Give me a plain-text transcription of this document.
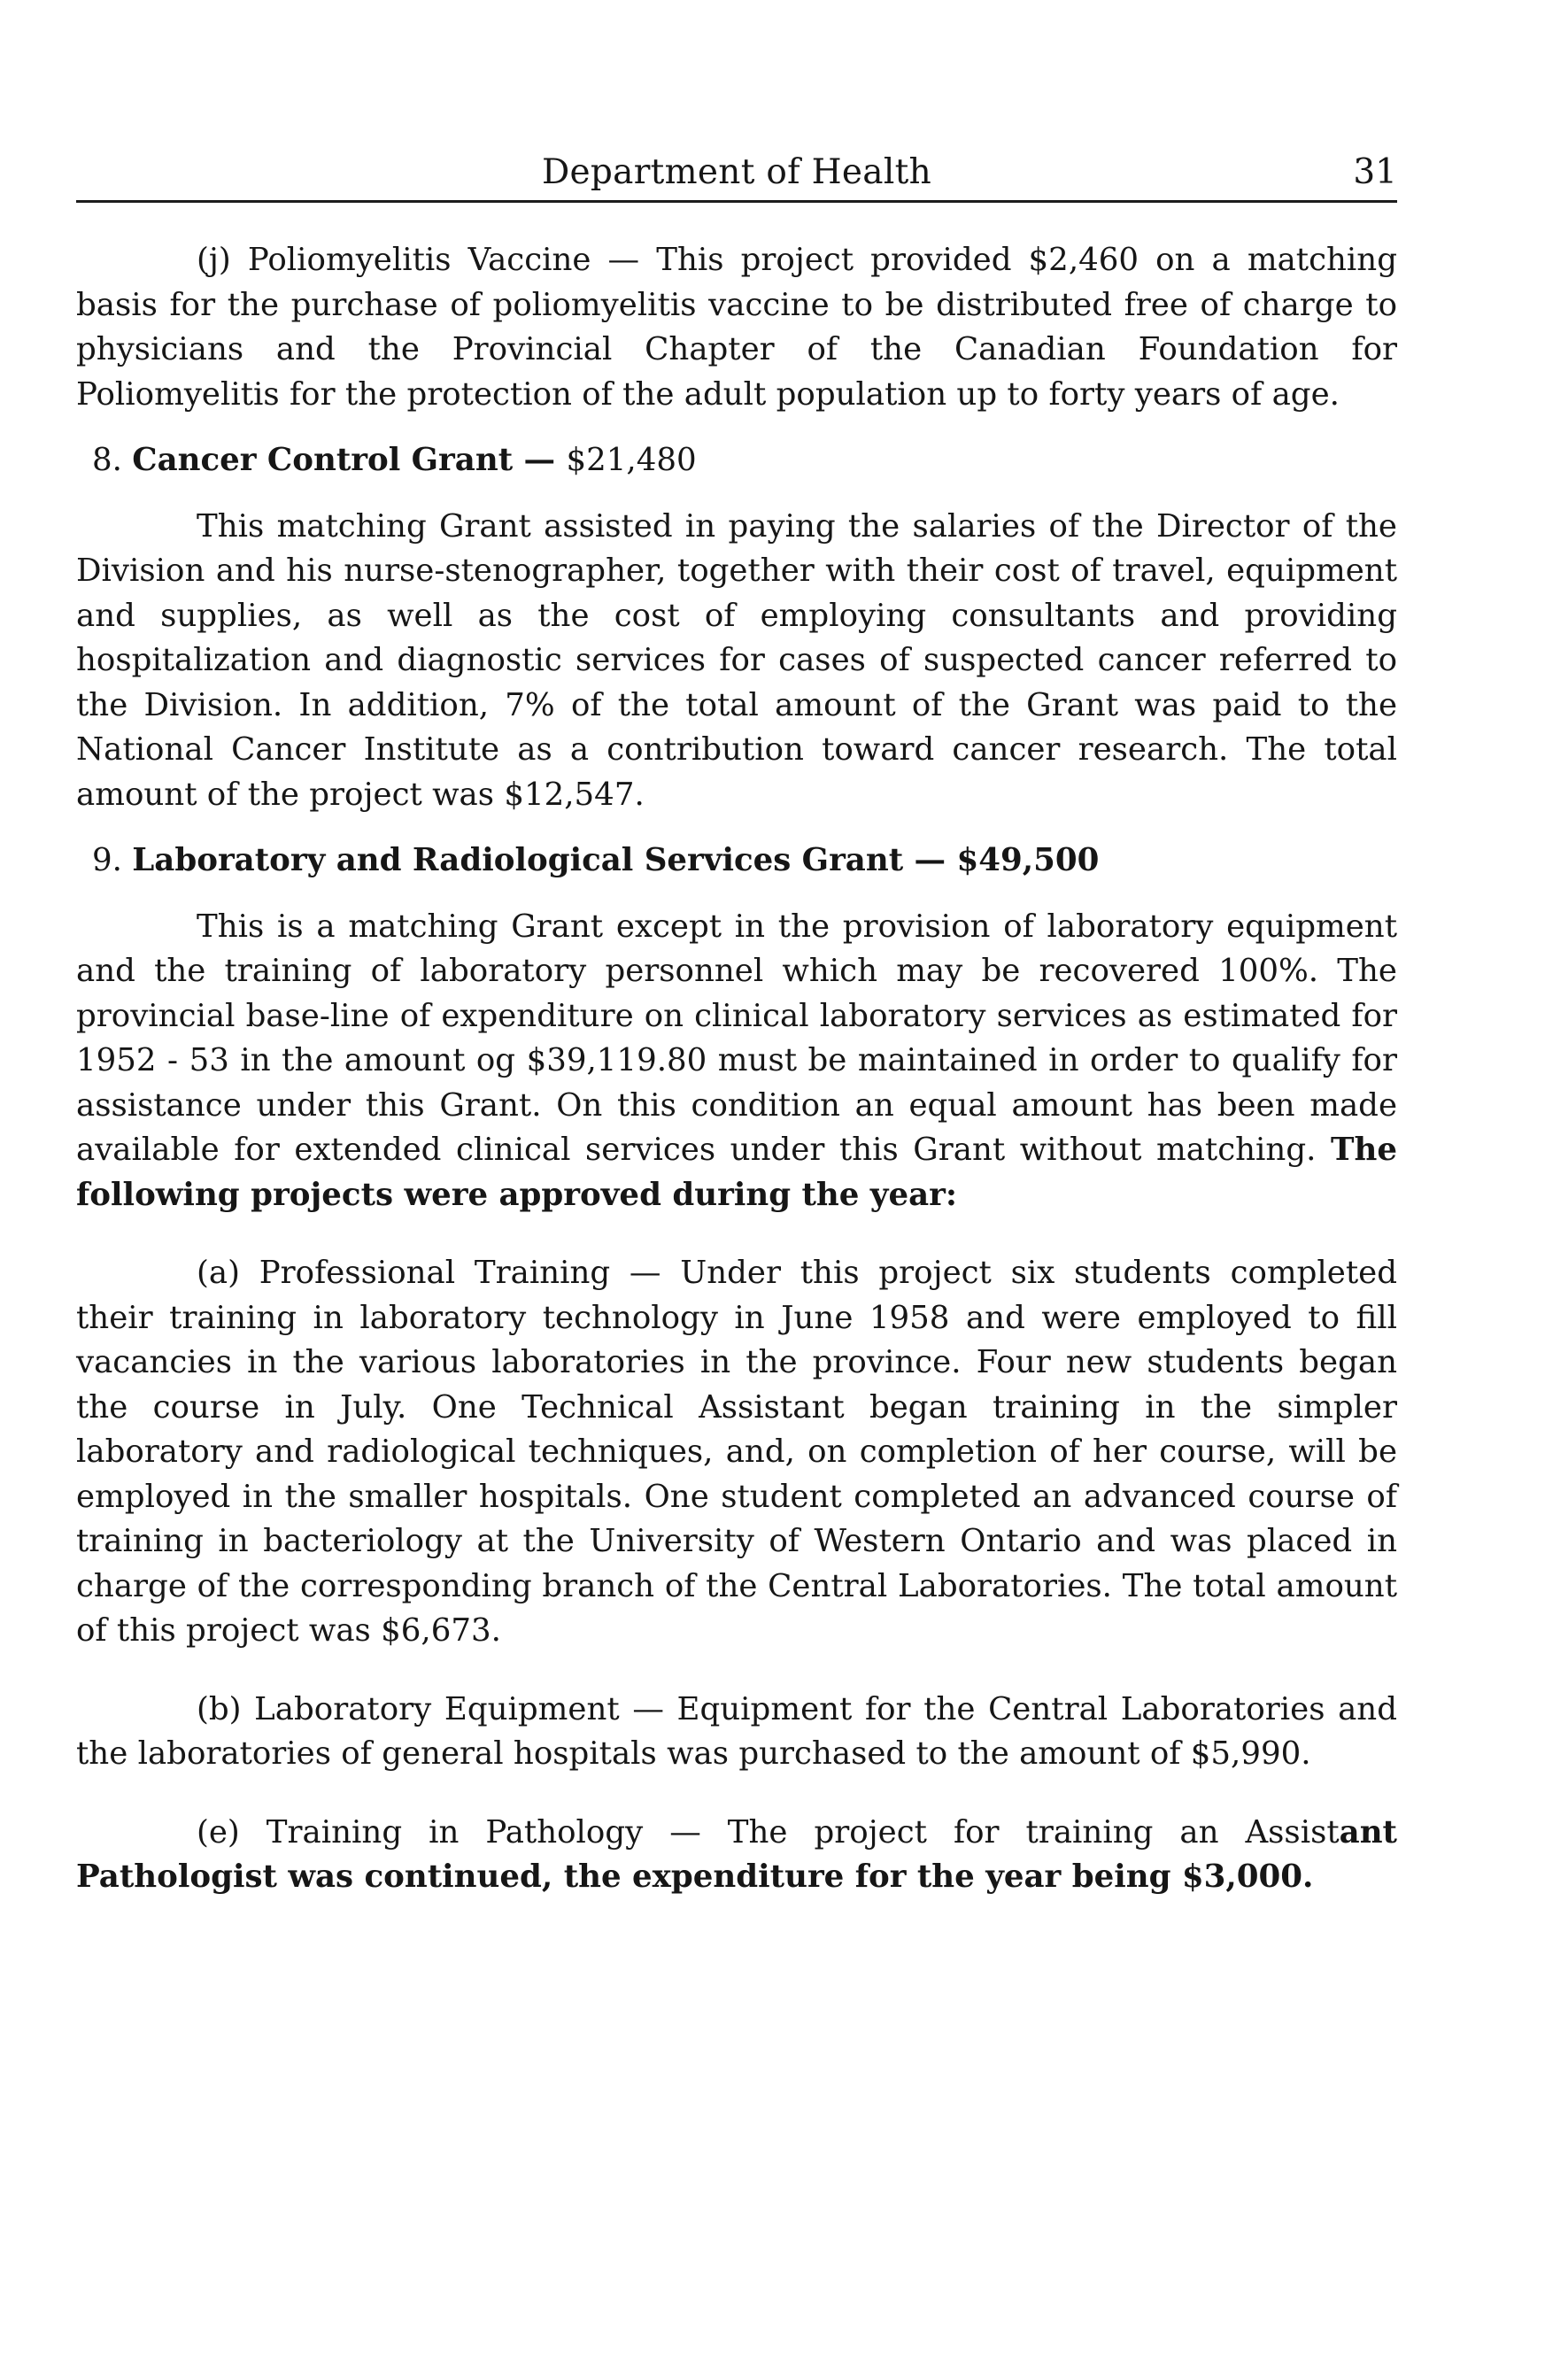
Department of Health	31

(j) Poliomyelitis Vaccine — This project provided $2,460 on a matching basis for the purchase of poliomyelitis vaccine to be distributed free of charge to physicians and the Provincial Chapter of the Canadian Foundation for Poliomyelitis for the protection of the adult population up to forty years of age.

8. Cancer Control Grant — $21,480

This matching Grant assisted in paying the salaries of the Director of the Division and his nurse-stenographer, together with their cost of travel, equipment and supplies, as well as the cost of employing consultants and providing hospitalization and diagnostic services for cases of suspected cancer referred to the Division. In addition, 7% of the total amount of the Grant was paid to the National Cancer Institute as a contribution toward cancer research. The total amount of the project was $12,547.

9. Laboratory and Radiological Services Grant — $49,500

This is a matching Grant except in the provision of laboratory equipment and the training of laboratory personnel which may be recovered 100%. The provincial base-line of expenditure on clinical laboratory services as estimated for 1952 - 53 in the amount og $39,119.80 must be maintained in order to qualify for assistance under this Grant. On this condition an equal amount has been made available for extended clinical services under this Grant without matching. The following projects were approved during the year:

(a) Professional Training — Under this project six students completed their training in laboratory technology in June 1958 and were employed to fill vacancies in the various laboratories in the province. Four new students began the course in July. One Technical Assistant began training in the simpler laboratory and radiological techniques, and, on completion of her course, will be employed in the smaller hospitals. One student completed an advanced course of training in bacteriology at the University of Western Ontario and was placed in charge of the corresponding branch of the Central Laboratories. The total amount of this project was $6,673.

(b) Laboratory Equipment — Equipment for the Central Laboratories and the laboratories of general hospitals was purchased to the amount of $5,990.

(e) Training in Pathology — The project for training an Assistant Pathologist was continued, the expenditure for the year being $3,000.
